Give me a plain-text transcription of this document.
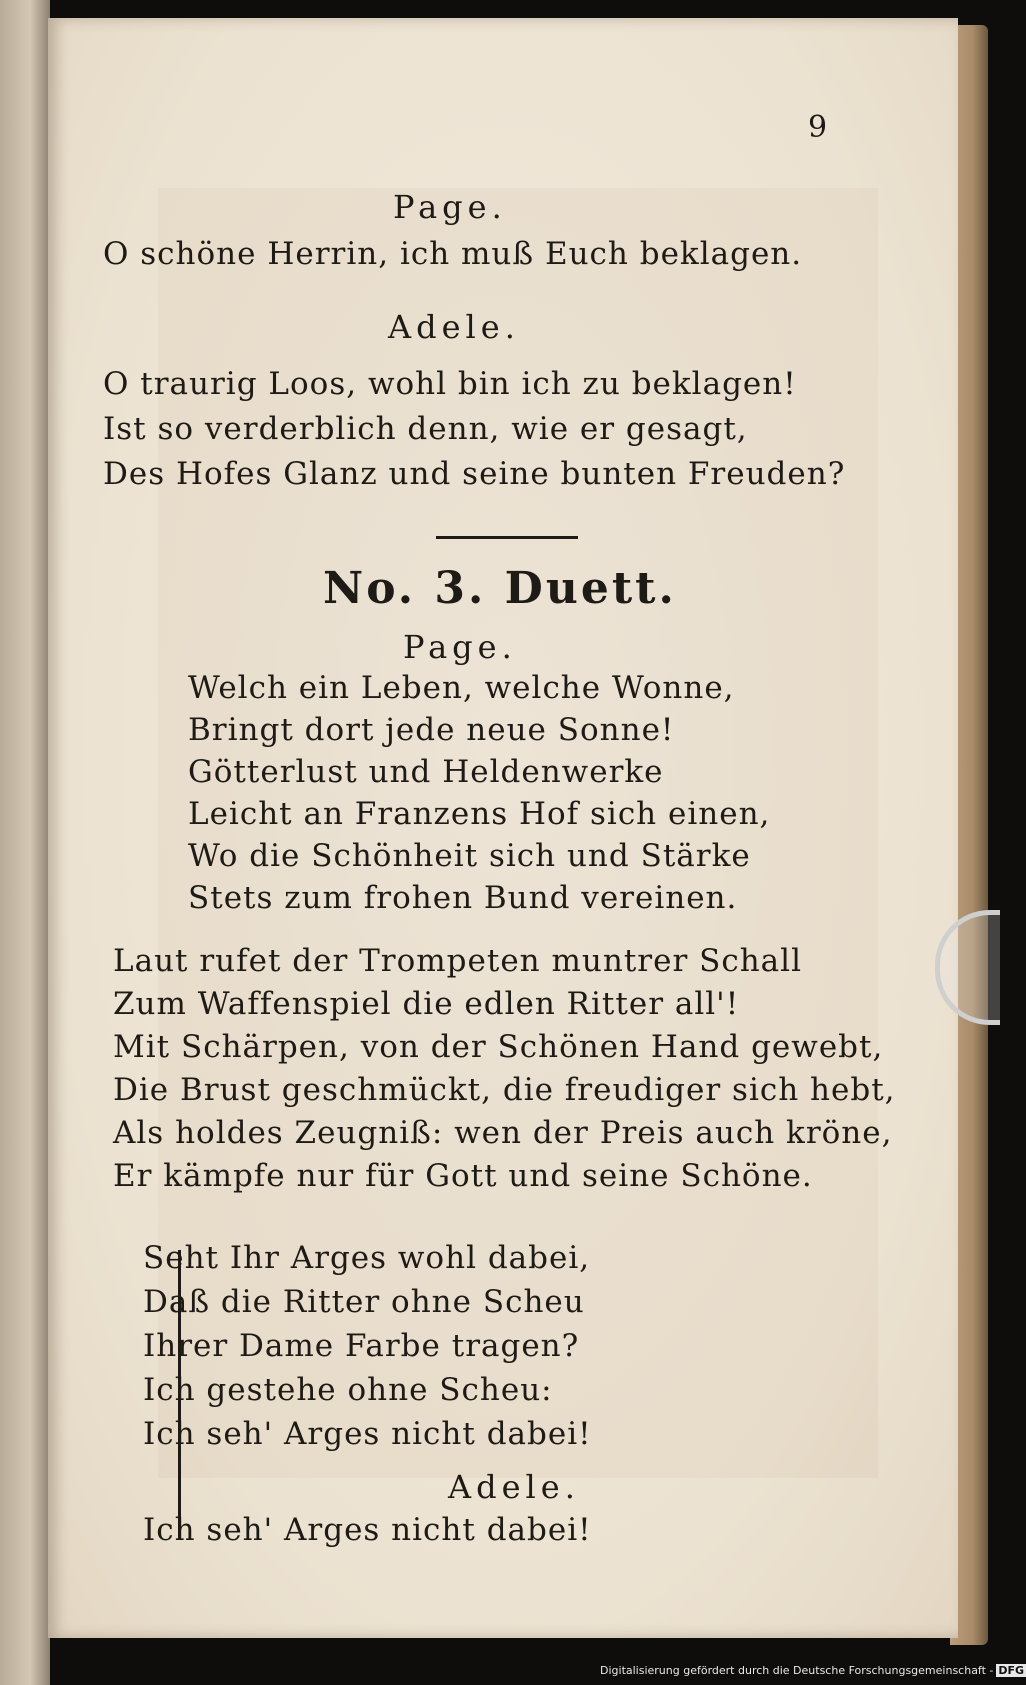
9
Page.
O schöne Herrin, ich muß Euch beklagen.
Adele.
O traurig Loos, wohl bin ich zu beklagen!
Ist so verderblich denn, wie er gesagt,
Des Hofes Glanz und seine bunten Freuden?
No. 3. Duett.
Page.
Welch ein Leben, welche Wonne,
Bringt dort jede neue Sonne!
Götterlust und Heldenwerke
Leicht an Franzens Hof sich einen,
Wo die Schönheit sich und Stärke
Stets zum frohen Bund vereinen.
Laut rufet der Trompeten muntrer Schall
Zum Waffenspiel die edlen Ritter all'!
Mit Schärpen, von der Schönen Hand gewebt,
Die Brust geschmückt, die freudiger sich hebt,
Als holdes Zeugniß: wen der Preis auch kröne,
Er kämpfe nur für Gott und seine Schöne.
Seht Ihr Arges wohl dabei,
Daß die Ritter ohne Scheu
Ihrer Dame Farbe tragen?
Ich gestehe ohne Scheu:
Ich seh' Arges nicht dabei!
Adele.
Ich seh' Arges nicht dabei!
Digitalisierung gefördert durch die Deutsche Forschungsgemeinschaft - DFG
